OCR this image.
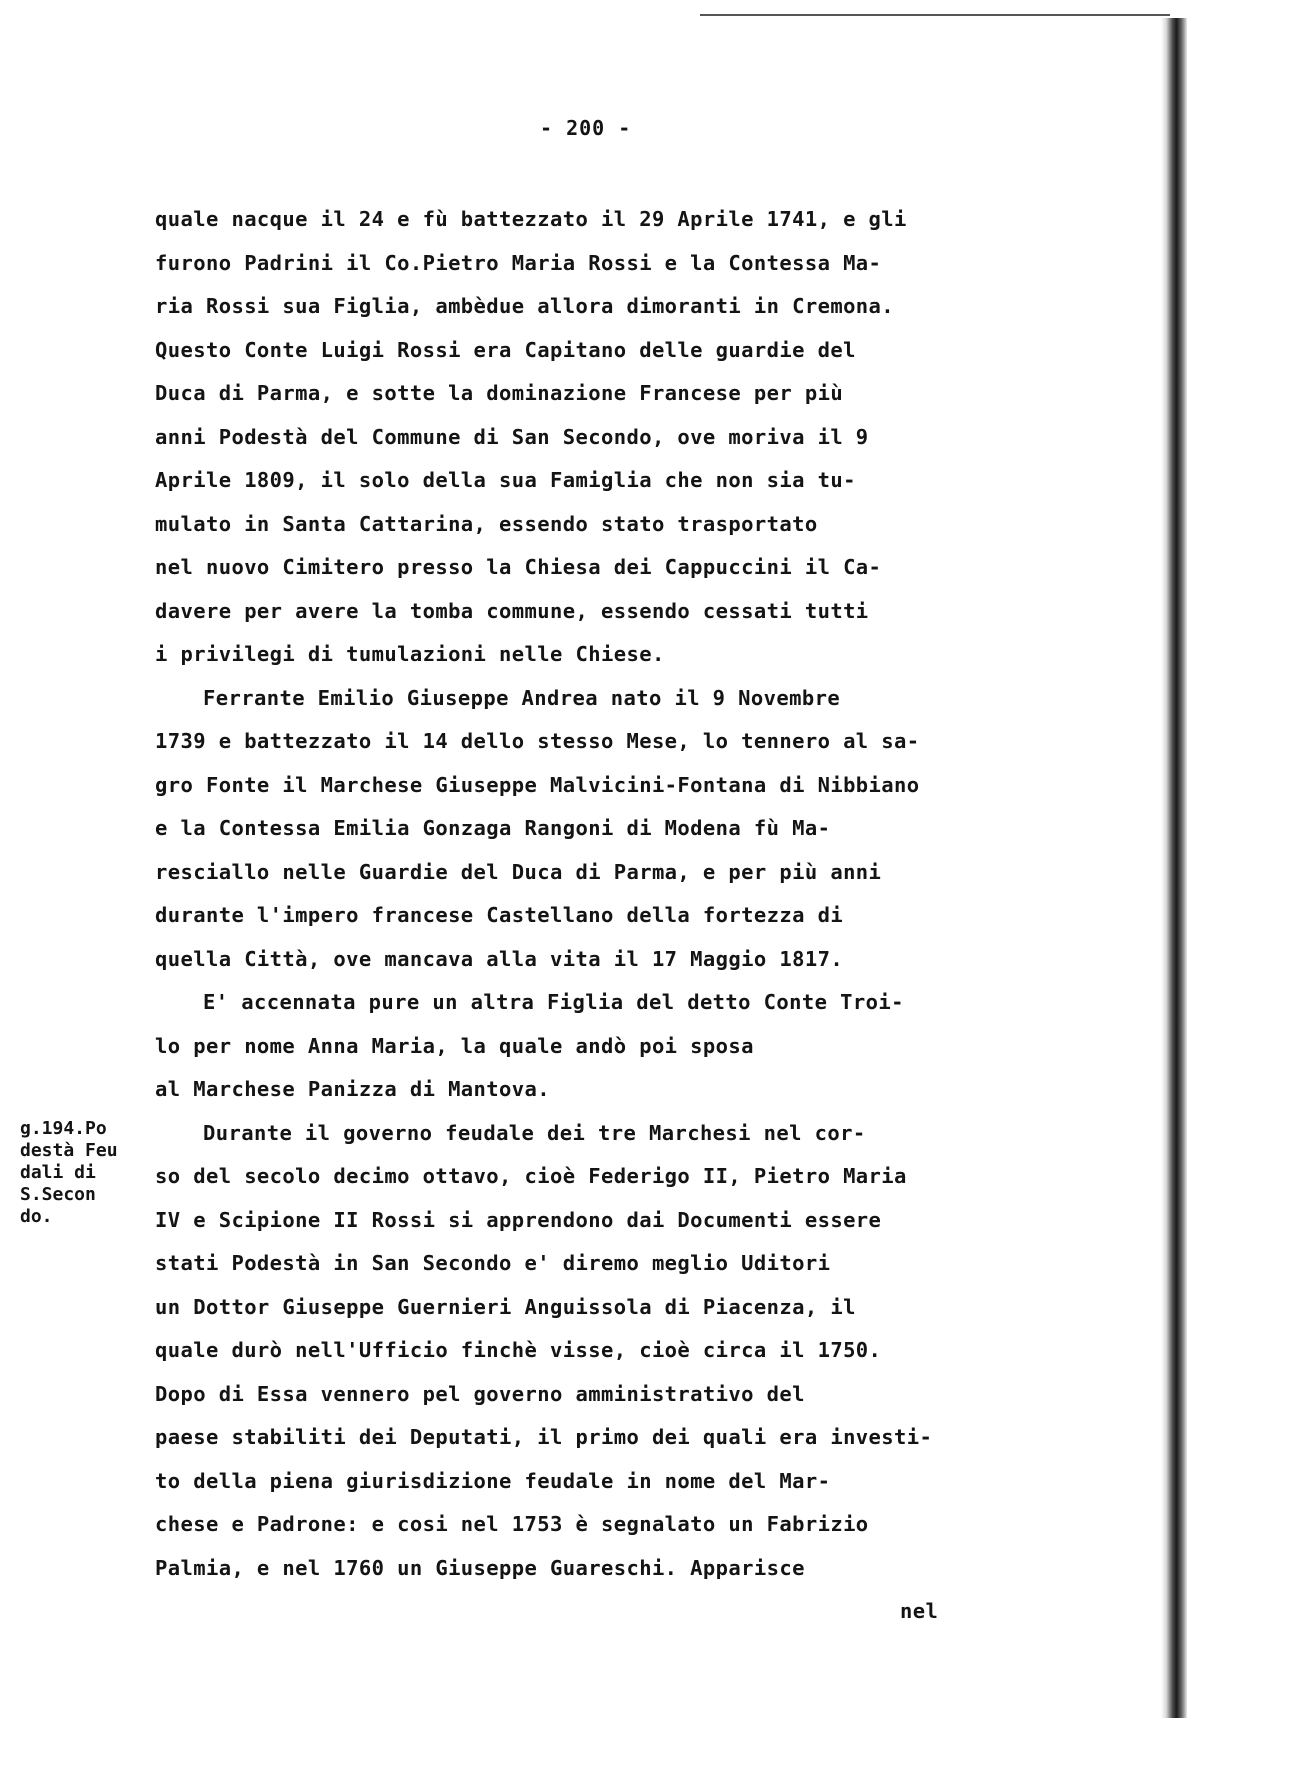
- 200 -
g.194.Po
destà Feu
dali di
S.Secon
do.
quale nacque il 24 e fù battezzato il 29 Aprile 1741, e gli
furono Padrini il Co.Pietro Maria Rossi e la Contessa Ma-
ria Rossi sua Figlia, ambèdue allora dimoranti in Cremona.
Questo Conte Luigi Rossi era Capitano delle guardie del
Duca di Parma, e sotte la dominazione Francese per più
anni Podestà del Commune di San Secondo, ove moriva il 9
Aprile 1809, il solo della sua Famiglia che non sia tu-
mulato in Santa Cattarina, essendo stato trasportato
nel nuovo Cimitero presso la Chiesa dei Cappuccini il Ca-
davere per avere la tomba commune, essendo cessati tutti
i privilegi di tumulazioni nelle Chiese.
Ferrante Emilio Giuseppe Andrea nato il 9 Novembre
1739 e battezzato il 14 dello stesso Mese, lo tennero al sa-
gro Fonte il Marchese Giuseppe Malvicini-Fontana di Nibbiano
e la Contessa Emilia Gonzaga Rangoni di Modena fù Ma-
resciallo nelle Guardie del Duca di Parma, e per più anni
durante l'impero francese Castellano della fortezza di
quella Città, ove mancava alla vita il 17 Maggio 1817.
E' accennata pure un altra Figlia del detto Conte Troi-
lo per nome Anna Maria, la quale andò poi sposa
al Marchese Panizza di Mantova.
Durante il governo feudale dei tre Marchesi nel cor-
so del secolo decimo ottavo, cioè Federigo II, Pietro Maria
IV e Scipione II Rossi si apprendono dai Documenti essere
stati Podestà in San Secondo e' diremo meglio Uditori
un Dottor Giuseppe Guernieri Anguissola di Piacenza, il
quale durò nell'Ufficio finchè visse, cioè circa il 1750.
Dopo di Essa vennero pel governo amministrativo del
paese stabiliti dei Deputati, il primo dei quali era investi-
to della piena giurisdizione feudale in nome del Mar-
chese e Padrone: e cosi nel 1753 è segnalato un Fabrizio
Palmia, e nel 1760 un Giuseppe Guareschi. Apparisce
nel
